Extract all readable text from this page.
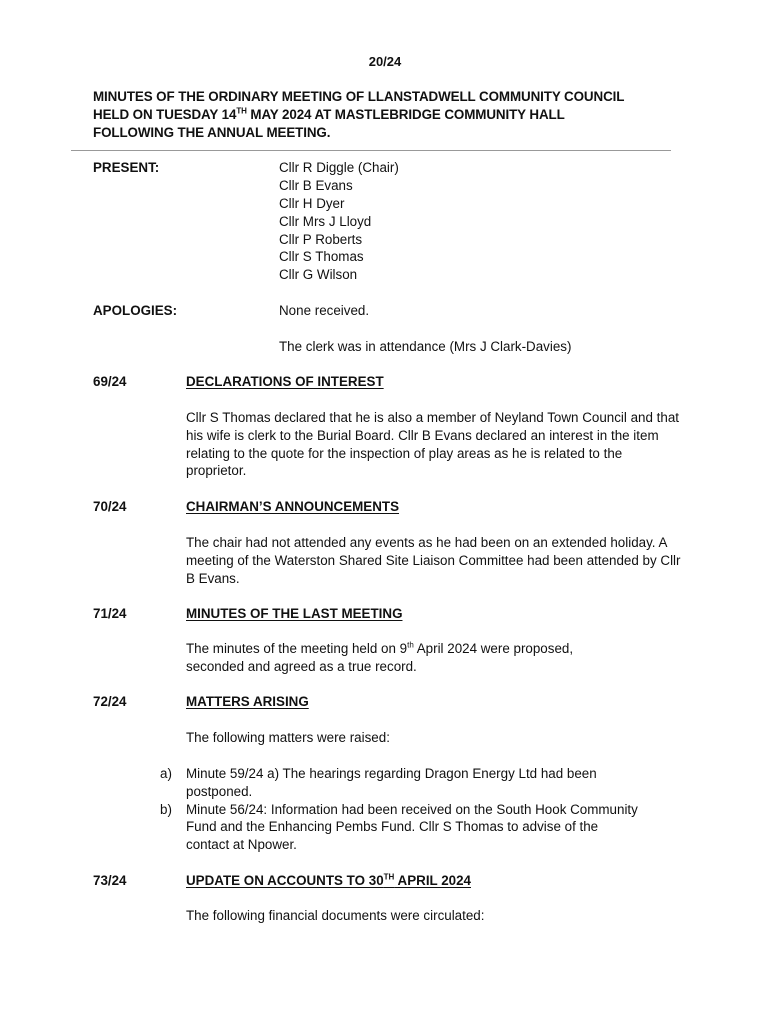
20/24
MINUTES OF THE ORDINARY MEETING OF LLANSTADWELL COMMUNITY COUNCIL
HELD ON TUESDAY 14TH MAY 2024 AT MASTLEBRIDGE COMMUNITY HALL
FOLLOWING THE ANNUAL MEETING.
PRESENT:	Cllr R Diggle (Chair)
Cllr B Evans
Cllr H Dyer
Cllr Mrs J Lloyd
Cllr P Roberts
Cllr S Thomas
Cllr G Wilson
APOLOGIES:	None received.
The clerk was in attendance (Mrs J Clark-Davies)
69/24	DECLARATIONS OF INTEREST
Cllr S Thomas declared that he is also a member of Neyland Town Council and that his wife is clerk to the Burial Board. Cllr B Evans declared an interest in the item relating to the quote for the inspection of play areas as he is related to the proprietor.
70/24	CHAIRMAN’S ANNOUNCEMENTS
The chair had not attended any events as he had been on an extended holiday. A meeting of the Waterston Shared Site Liaison Committee had been attended by Cllr B Evans.
71/24	MINUTES OF THE LAST MEETING
The minutes of the meeting held on 9th April 2024 were proposed, seconded and agreed as a true record.
72/24	MATTERS ARISING
The following matters were raised:
a)	Minute 59/24 a) The hearings regarding Dragon Energy Ltd had been postponed.
b)	Minute 56/24: Information had been received on the South Hook Community Fund and the Enhancing Pembs Fund. Cllr S Thomas to advise of the contact at Npower.
73/24	UPDATE ON ACCOUNTS TO 30TH APRIL 2024
The following financial documents were circulated:
